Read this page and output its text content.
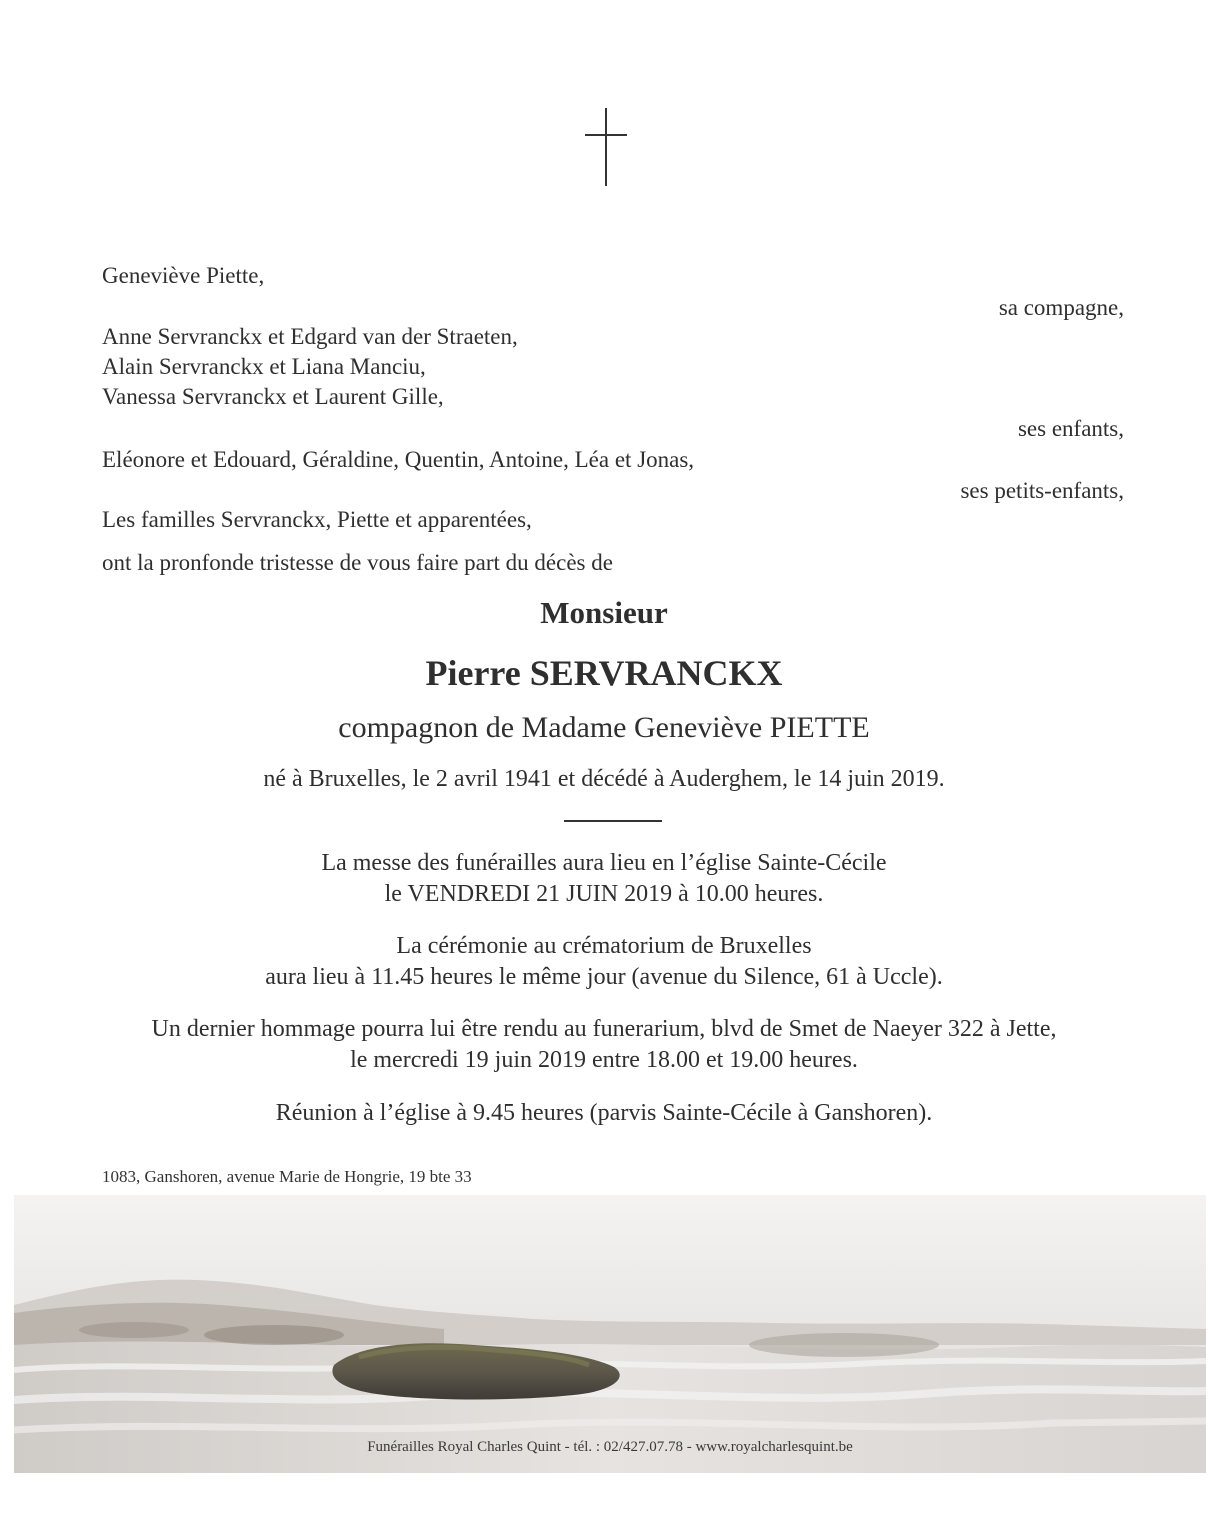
Geneviève Piette,
sa compagne,
Anne Servranckx et Edgard van der Straeten,
Alain Servranckx et Liana Manciu,
Vanessa Servranckx et Laurent Gille,
ses enfants,
Eléonore et Edouard, Géraldine, Quentin, Antoine, Léa et Jonas,
ses petits-enfants,
Les familles Servranckx, Piette et apparentées,
ont la pronfonde tristesse de vous faire part du décès de
Monsieur
Pierre SERVRANCKX
compagnon de Madame Geneviève PIETTE
né à Bruxelles, le 2 avril 1941 et décédé à Auderghem, le 14 juin 2019.
La messe des funérailles aura lieu en l’église Sainte-Cécile
le VENDREDI 21 JUIN 2019 à 10.00 heures.
La cérémonie au crématorium de Bruxelles
aura lieu à 11.45 heures le même jour (avenue du Silence, 61 à Uccle).
Un dernier hommage pourra lui être rendu au funerarium, blvd de Smet de Naeyer 322 à Jette,
le mercredi 19 juin 2019 entre 18.00 et 19.00 heures.
Réunion à l’église à 9.45 heures (parvis Sainte-Cécile à Ganshoren).
1083, Ganshoren, avenue Marie de Hongrie, 19 bte 33
Funérailles Royal Charles Quint - tél. : 02/427.07.78 - www.royalcharlesquint.be
